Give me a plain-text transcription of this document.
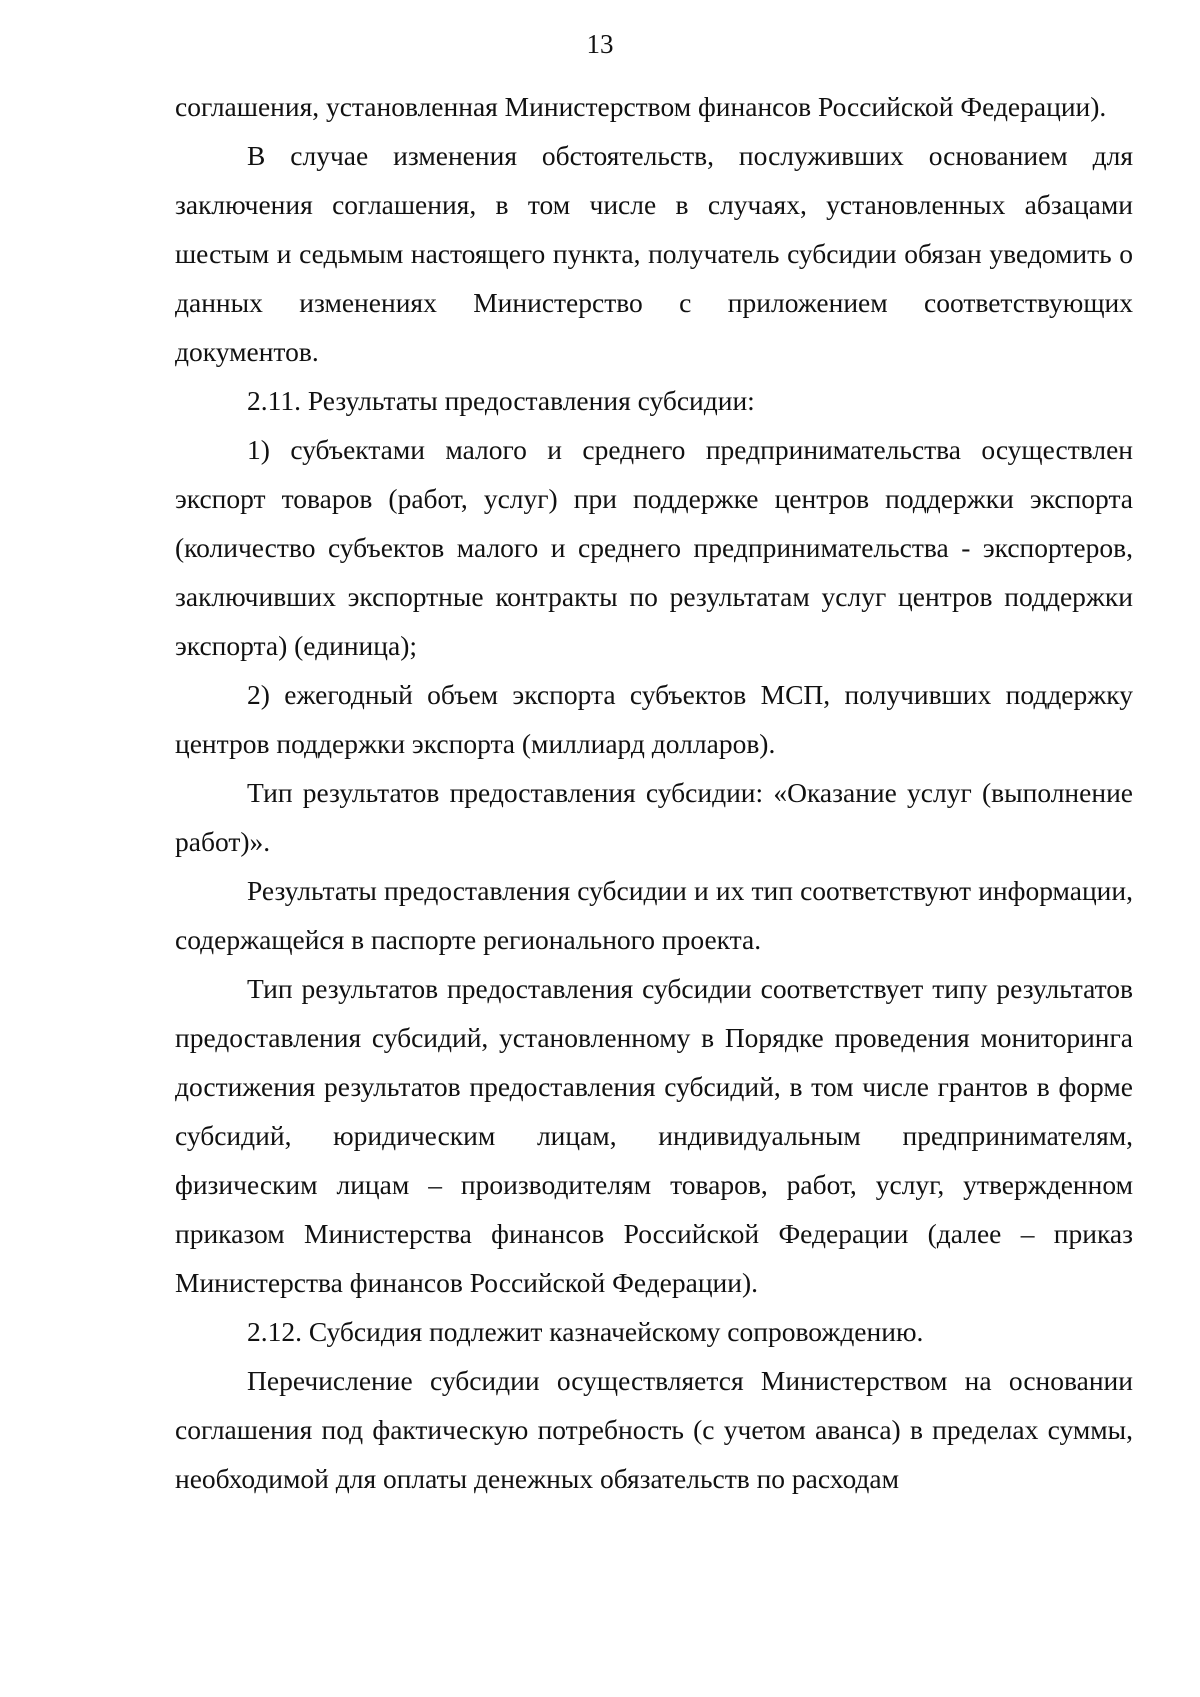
13

соглашения, установленная Министерством финансов Российской Федерации).

В случае изменения обстоятельств, послуживших основанием для заключения соглашения, в том числе в случаях, установленных абзацами шестым и седьмым настоящего пункта, получатель субсидии обязан уведомить о данных изменениях Министерство с приложением соответствующих документов.

2.11. Результаты предоставления субсидии:

1) субъектами малого и среднего предпринимательства осуществлен экспорт товаров (работ, услуг) при поддержке центров поддержки экспорта (количество субъектов малого и среднего предпринимательства - экспортеров, заключивших экспортные контракты по результатам услуг центров поддержки экспорта) (единица);

2) ежегодный объем экспорта субъектов МСП, получивших поддержку центров поддержки экспорта (миллиард долларов).

Тип результатов предоставления субсидии: «Оказание услуг (выполнение работ)».

Результаты предоставления субсидии и их тип соответствуют информации, содержащейся в паспорте регионального проекта.

Тип результатов предоставления субсидии соответствует типу результатов предоставления субсидий, установленному в Порядке проведения мониторинга достижения результатов предоставления субсидий, в том числе грантов в форме субсидий, юридическим лицам, индивидуальным предпринимателям, физическим лицам – производителям товаров, работ, услуг, утвержденном приказом Министерства финансов Российской Федерации (далее – приказ Министерства финансов Российской Федерации).

2.12. Субсидия подлежит казначейскому сопровождению.

Перечисление субсидии осуществляется Министерством на основании соглашения под фактическую потребность (с учетом аванса) в пределах суммы, необходимой для оплаты денежных обязательств по расходам
